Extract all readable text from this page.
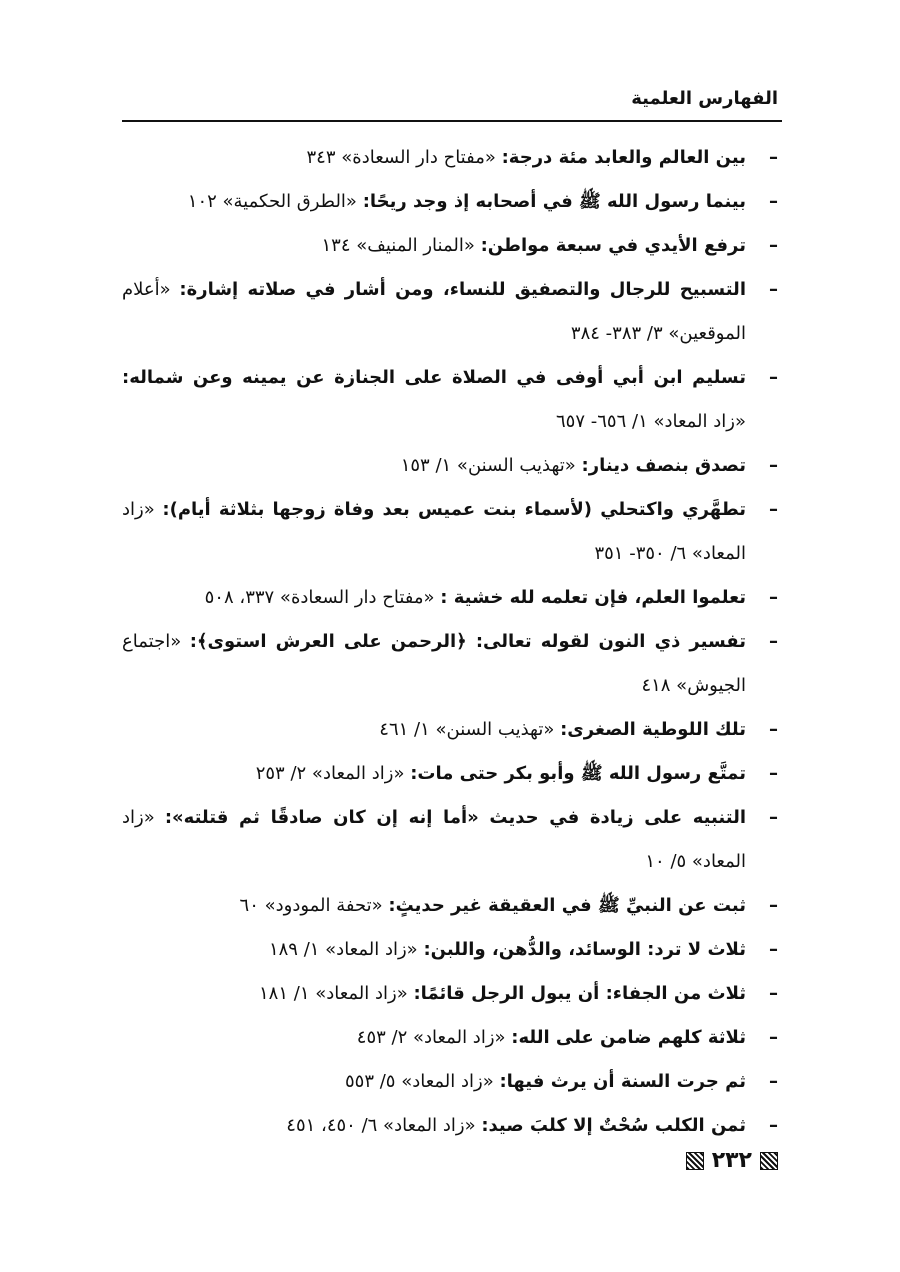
الفهارس العلمية
–
بين العالم والعابد مئة درجة: «مفتاح دار السعادة» ٣٤٣
–
بينما رسول الله ﷺ في أصحابه إذ وجد ريحًا: «الطرق الحكمية» ١٠٢
–
ترفع الأيدي في سبعة مواطن: «المنار المنيف» ١٣٤
–
التسبيح للرجال والتصفيق للنساء، ومن أشار في صلاته إشارة: «أعلام الموقعين» ٣/ ٣٨٣- ٣٨٤
–
تسليم ابن أبي أوفى في الصلاة على الجنازة عن يمينه وعن شماله: «زاد المعاد» ١/ ٦٥٦- ٦٥٧
–
تصدق بنصف دينار: «تهذيب السنن» ١/ ١٥٣
–
تطهَّري واكتحلي (لأسماء بنت عميس بعد وفاة زوجها بثلاثة أيام): «زاد المعاد» ٦/ ٣٥٠- ٣٥١
–
تعلموا العلم، فإن تعلمه لله خشية : «مفتاح دار السعادة» ٣٣٧، ٥٠٨
–
تفسير ذي النون لقوله تعالى: ﴿الرحمن على العرش استوى﴾: «اجتماع الجيوش» ٤١٨
–
تلك اللوطية الصغرى: «تهذيب السنن» ١/ ٤٦١
–
تمتَّع رسول الله ﷺ وأبو بكر حتى مات: «زاد المعاد» ٢/ ٢٥٣
–
التنبيه على زيادة في حديث «أما إنه إن كان صادقًا ثم قتلته»: «زاد المعاد» ٥/ ١٠
–
ثبت عن النبيِّ ﷺ في العقيقة غير حديثٍ: «تحفة المودود» ٦٠
–
ثلاث لا ترد: الوسائد، والدُّهن، واللبن: «زاد المعاد» ١/ ١٨٩
–
ثلاث من الجفاء: أن يبول الرجل قائمًا: «زاد المعاد» ١/ ١٨١
–
ثلاثة كلهم ضامن على الله: «زاد المعاد» ٢/ ٤٥٣
–
ثم جرت السنة أن يرث فيها: «زاد المعاد» ٥/ ٥٥٣
–
ثمن الكلب سُحْتٌ إلا كلبَ صيد: «زاد المعاد» ٦/ ٤٥٠، ٤٥١
٢٣٢
